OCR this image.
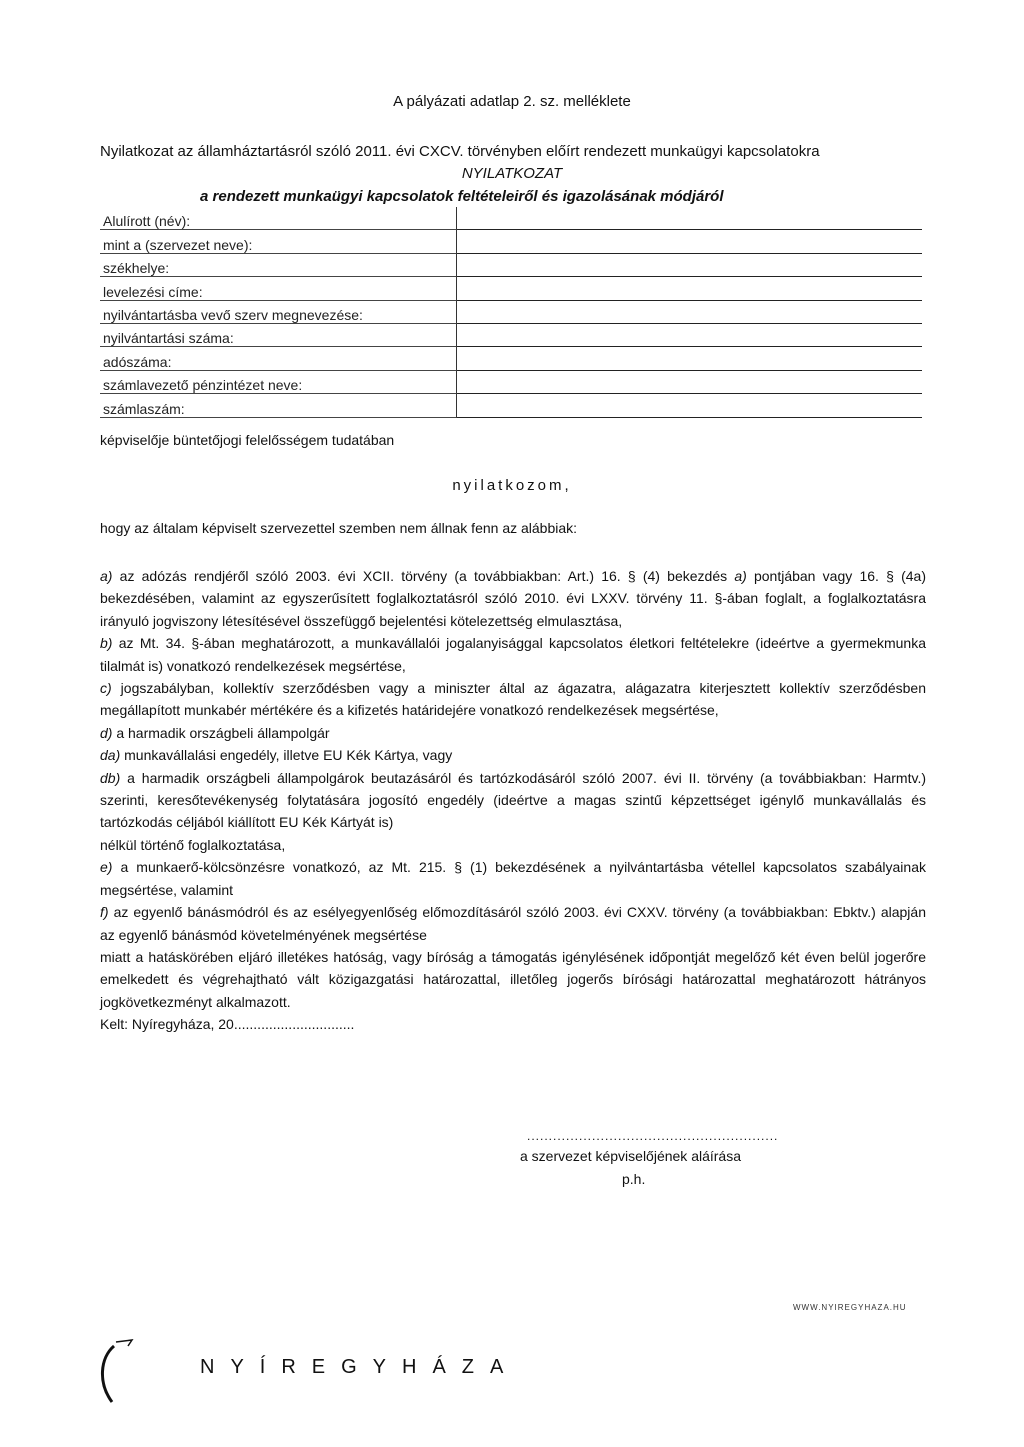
A pályázati adatlap 2. sz. melléklete
Nyilatkozat az államháztartásról szóló 2011. évi CXCV. törvényben előírt rendezett munkaügyi kapcsolatokra
NYILATKOZAT
a rendezett munkaügyi kapcsolatok feltételeiről és igazolásának módjáról
Alulírott (név):
mint a (szervezet neve):
székhelye:
levelezési címe:
nyilvántartásba vevő szerv megnevezése:
nyilvántartási száma:
adószáma:
számlavezető pénzintézet neve:
számlaszám:
képviselője büntetőjogi felelősségem tudatában
nyilatkozom,
hogy az általam képviselt szervezettel szemben nem állnak fenn az alábbiak:

a) az adózás rendjéről szóló 2003. évi XCII. törvény (a továbbiakban: Art.) 16. § (4) bekezdés a) pontjában vagy 16. § (4a) bekezdésében, valamint az egyszerűsített foglalkoztatásról szóló 2010. évi LXXV. törvény 11. §-ában foglalt, a foglalkoztatásra irányuló jogviszony létesítésével összefüggő bejelentési kötelezettség elmulasztása,

b) az Mt. 34. §-ában meghatározott, a munkavállalói jogalanyisággal kapcsolatos életkori feltételekre (ideértve a gyermekmunka tilalmát is) vonatkozó rendelkezések megsértése,

c) jogszabályban, kollektív szerződésben vagy a miniszter által az ágazatra, alágazatra kiterjesztett kollektív szerződésben megállapított munkabér mértékére és a kifizetés határidejére vonatkozó rendelkezések megsértése,

d) a harmadik országbeli állampolgár

da) munkavállalási engedély, illetve EU Kék Kártya, vagy

db) a harmadik országbeli állampolgárok beutazásáról és tartózkodásáról szóló 2007. évi II. törvény (a továbbiakban: Harmtv.) szerinti, keresőtevékenység folytatására jogosító engedély (ideértve a magas szintű képzettséget igénylő munkavállalás és tartózkodás céljából kiállított EU Kék Kártyát is)

nélkül történő foglalkoztatása,

e) a munkaerő-kölcsönzésre vonatkozó, az Mt. 215. § (1) bekezdésének a nyilvántartásba vétellel kapcsolatos szabályainak megsértése, valamint

f) az egyenlő bánásmódról és az esélyegyenlőség előmozdításáról szóló 2003. évi CXXV. törvény (a továbbiakban: Ebktv.) alapján az egyenlő bánásmód követelményének megsértése

miatt a hatáskörében eljáró illetékes hatóság, vagy bíróság a támogatás igénylésének időpontját megelőző két éven belül jogerőre emelkedett és végrehajtható vált közigazgatási határozattal, illetőleg jogerős bírósági határozattal meghatározott hátrányos jogkövetkezményt alkalmazott.

Kelt: Nyíregyháza, 20...............................

..........................................................
a szervezet képviselőjének aláírása
p.h.
WWW.NYIREGYHAZA.HU
NYÍREGYHÁZA
